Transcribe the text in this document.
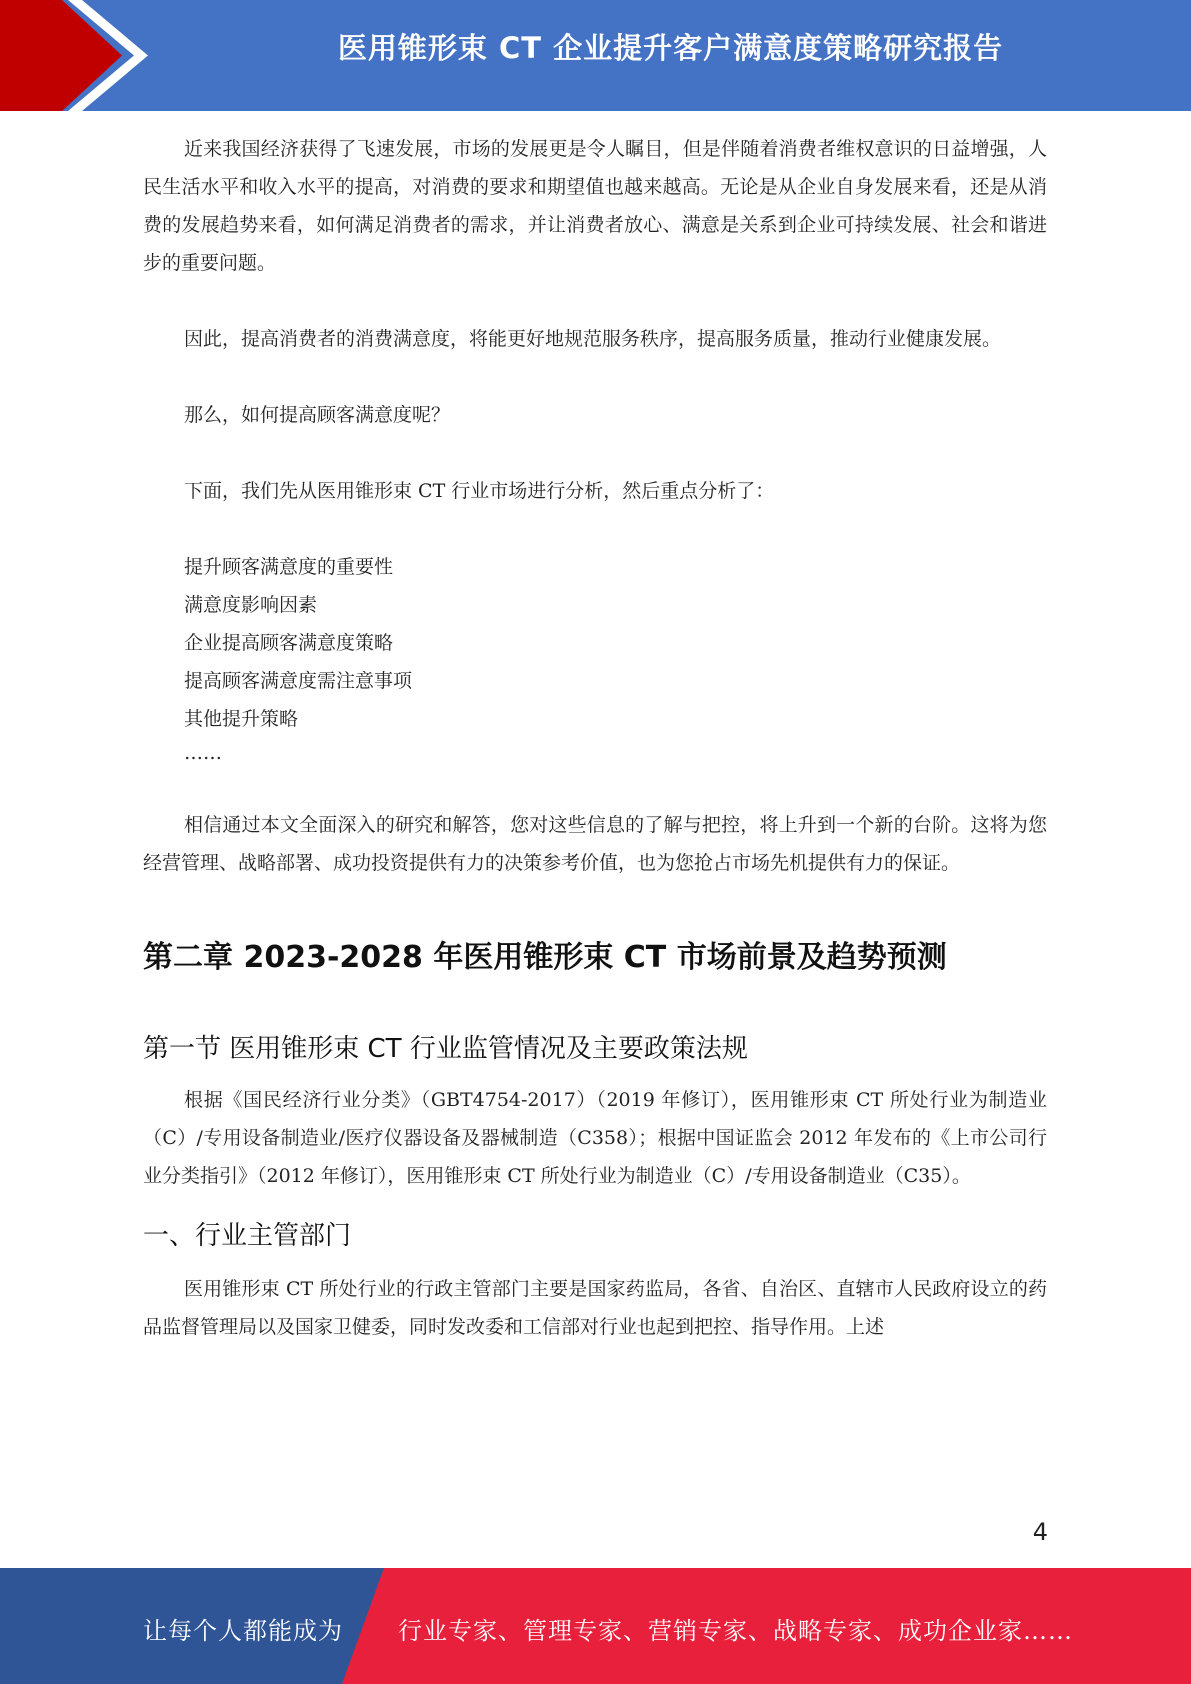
医用锥形束 CT 企业提升客户满意度策略研究报告

近来我国经济获得了飞速发展，市场的发展更是令人瞩目，但是伴随着消费者维权意识的日益增强，人民生活水平和收入水平的提高，对消费的要求和期望值也越来越高。无论是从企业自身发展来看，还是从消费的发展趋势来看，如何满足消费者的需求，并让消费者放心、满意是关系到企业可持续发展、社会和谐进步的重要问题。

因此，提高消费者的消费满意度，将能更好地规范服务秩序，提高服务质量，推动行业健康发展。

那么，如何提高顾客满意度呢？

下面，我们先从医用锥形束 CT 行业市场进行分析，然后重点分析了：

提升顾客满意度的重要性
满意度影响因素
企业提高顾客满意度策略
提高顾客满意度需注意事项
其他提升策略
……

相信通过本文全面深入的研究和解答，您对这些信息的了解与把控，将上升到一个新的台阶。这将为您经营管理、战略部署、成功投资提供有力的决策参考价值，也为您抢占市场先机提供有力的保证。

第二章 2023-2028 年医用锥形束 CT 市场前景及趋势预测
第一节 医用锥形束 CT 行业监管情况及主要政策法规

根据《国民经济行业分类》（GBT4754-2017）（2019 年修订），医用锥形束 CT 所处行业为制造业（C）/专用设备制造业/医疗仪器设备及器械制造（C358）；根据中国证监会 2012 年发布的《上市公司行业分类指引》（2012 年修订），医用锥形束 CT 所处行业为制造业（C）/专用设备制造业（C35）。

一、行业主管部门

医用锥形束 CT 所处行业的行政主管部门主要是国家药监局，各省、自治区、直辖市人民政府设立的药品监督管理局以及国家卫健委，同时发改委和工信部对行业也起到把控、指导作用。上述

4
让每个人都能成为 行业专家、管理专家、营销专家、战略专家、成功企业家……
